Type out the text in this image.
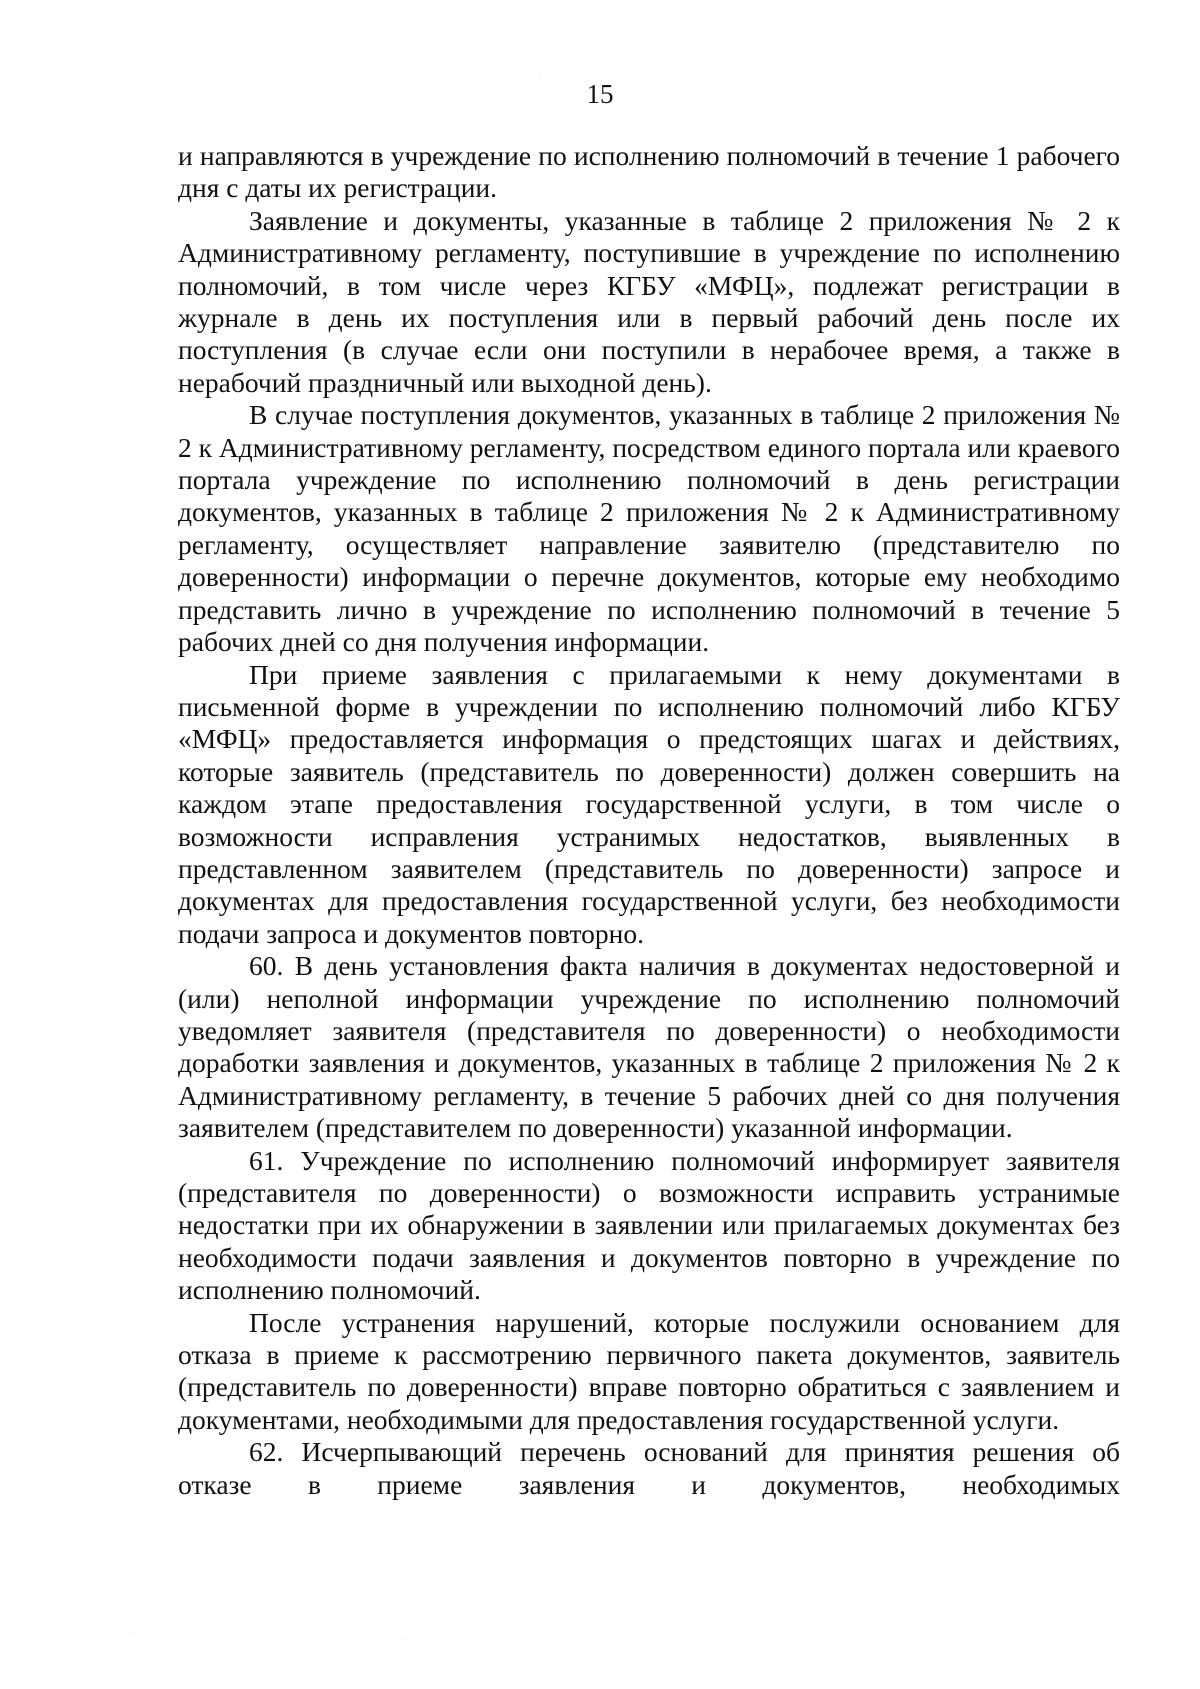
15

и направляются в учреждение по исполнению полномочий в течение 1 рабочего дня с даты их регистрации.

Заявление и документы, указанные в таблице 2 приложения № 2 к Административному регламенту, поступившие в учреждение по исполнению полномочий, в том числе через КГБУ «МФЦ», подлежат регистрации в журнале в день их поступления или в первый рабочий день после их поступления (в случае если они поступили в нерабочее время, а также в нерабочий праздничный или выходной день).

В случае поступления документов, указанных в таблице 2 приложения № 2 к Административному регламенту, посредством единого портала или краевого портала учреждение по исполнению полномочий в день регистрации документов, указанных в таблице 2 приложения № 2 к Административному регламенту, осуществляет направление заявителю (представителю по доверенности) информации о перечне документов, которые ему необходимо представить лично в учреждение по исполнению полномочий в течение 5 рабочих дней со дня получения информации.

При приеме заявления с прилагаемыми к нему документами в письменной форме в учреждении по исполнению полномочий либо КГБУ «МФЦ» предоставляется информация о предстоящих шагах и действиях, которые заявитель (представитель по доверенности) должен совершить на каждом этапе предоставления государственной услуги, в том числе о возможности исправления устранимых недостатков, выявленных в представленном заявителем (представитель по доверенности) запросе и документах для предоставления государственной услуги, без необходимости подачи запроса и документов повторно.

60. В день установления факта наличия в документах недостоверной и (или) неполной информации учреждение по исполнению полномочий уведомляет заявителя (представителя по доверенности) о необходимости доработки заявления и документов, указанных в таблице 2 приложения № 2 к Административному регламенту, в течение 5 рабочих дней со дня получения заявителем (представителем по доверенности) указанной информации.

61. Учреждение по исполнению полномочий информирует заявителя (представителя по доверенности) о возможности исправить устранимые недостатки при их обнаружении в заявлении или прилагаемых документах без необходимости подачи заявления и документов повторно в учреждение по исполнению полномочий.

После устранения нарушений, которые послужили основанием для отказа в приеме к рассмотрению первичного пакета документов, заявитель (представитель по доверенности) вправе повторно обратиться с заявлением и документами, необходимыми для предоставления государственной услуги.

62. Исчерпывающий перечень оснований для принятия решения об отказе в приеме заявления и документов, необходимых
